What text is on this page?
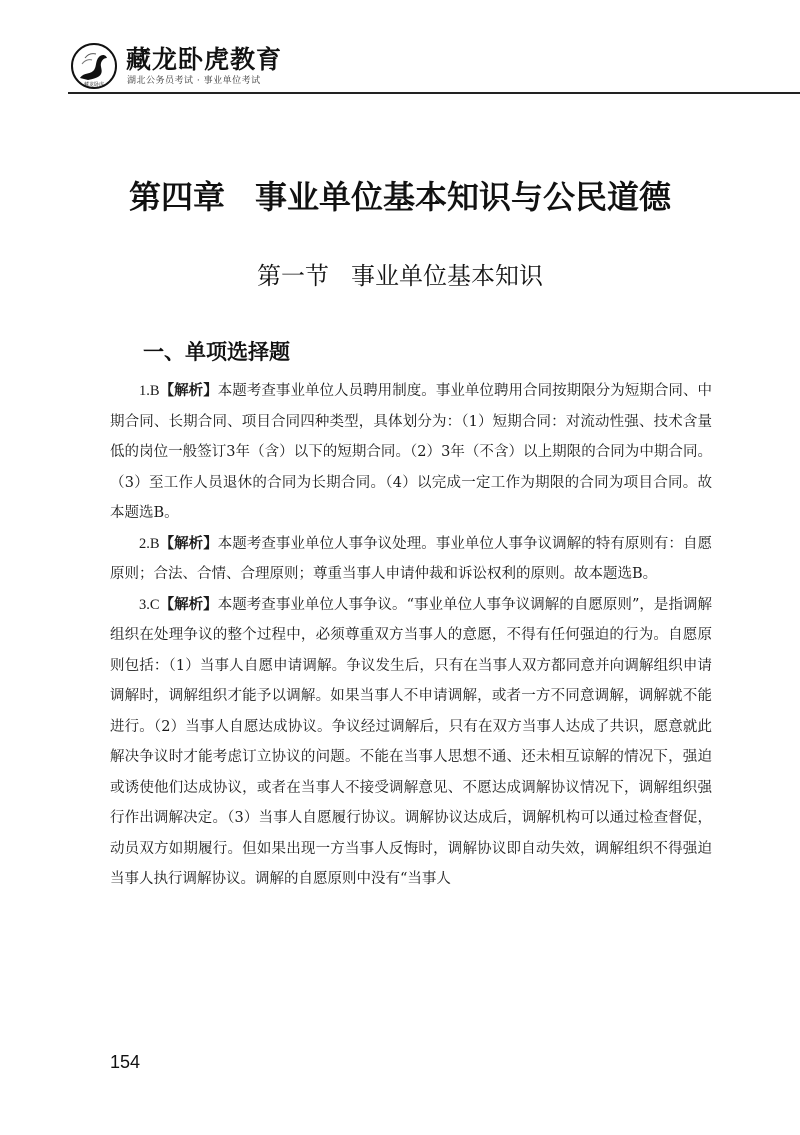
藏龙卧虎
藏龙卧虎教育
湖北公务员考试 · 事业单位考试
第四章 事业单位基本知识与公民道德
第一节 事业单位基本知识
一、单项选择题

1.B【解析】本题考查事业单位人员聘用制度。事业单位聘用合同按期限分为短期合同、中期合同、长期合同、项目合同四种类型，具体划分为：（1）短期合同：对流动性强、技术含量低的岗位一般签订3年（含）以下的短期合同。（2）3年（不含）以上期限的合同为中期合同。（3）至工作人员退休的合同为长期合同。（4）以完成一定工作为期限的合同为项目合同。故本题选B。

2.B【解析】本题考查事业单位人事争议处理。事业单位人事争议调解的特有原则有：自愿原则；合法、合情、合理原则；尊重当事人申请仲裁和诉讼权利的原则。故本题选B。

3.C【解析】本题考查事业单位人事争议。“事业单位人事争议调解的自愿原则”，是指调解组织在处理争议的整个过程中，必须尊重双方当事人的意愿，不得有任何强迫的行为。自愿原则包括：（1）当事人自愿申请调解。争议发生后，只有在当事人双方都同意并向调解组织申请调解时，调解组织才能予以调解。如果当事人不申请调解，或者一方不同意调解，调解就不能进行。（2）当事人自愿达成协议。争议经过调解后，只有在双方当事人达成了共识，愿意就此解决争议时才能考虑订立协议的问题。不能在当事人思想不通、还未相互谅解的情况下，强迫或诱使他们达成协议，或者在当事人不接受调解意见、不愿达成调解协议情况下，调解组织强行作出调解决定。（3）当事人自愿履行协议。调解协议达成后，调解机构可以通过检查督促，动员双方如期履行。但如果出现一方当事人反悔时，调解协议即自动失效，调解组织不得强迫当事人执行调解协议。调解的自愿原则中没有“当事人

154
